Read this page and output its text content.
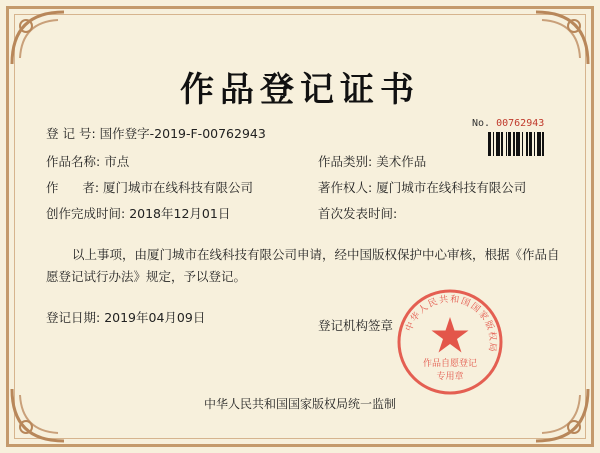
作品登记证书
No. 00762943
登 记 号: 国作登字-2019-F-00762943
作品名称: 市点	作品类别: 美术作品
作      者: 厦门城市在线科技有限公司	著作权人: 厦门城市在线科技有限公司
创作完成时间: 2018年12月01日	首次发表时间:
以上事项，由厦门城市在线科技有限公司申请，经中国版权保护中心审核，根据《作品自愿登记试行办法》规定，予以登记。
登记日期: 2019年04月09日
登记机构签章 中华人民共和国国家版权局
作品自愿登记
专用章
中华人民共和国国家版权局统一监制
